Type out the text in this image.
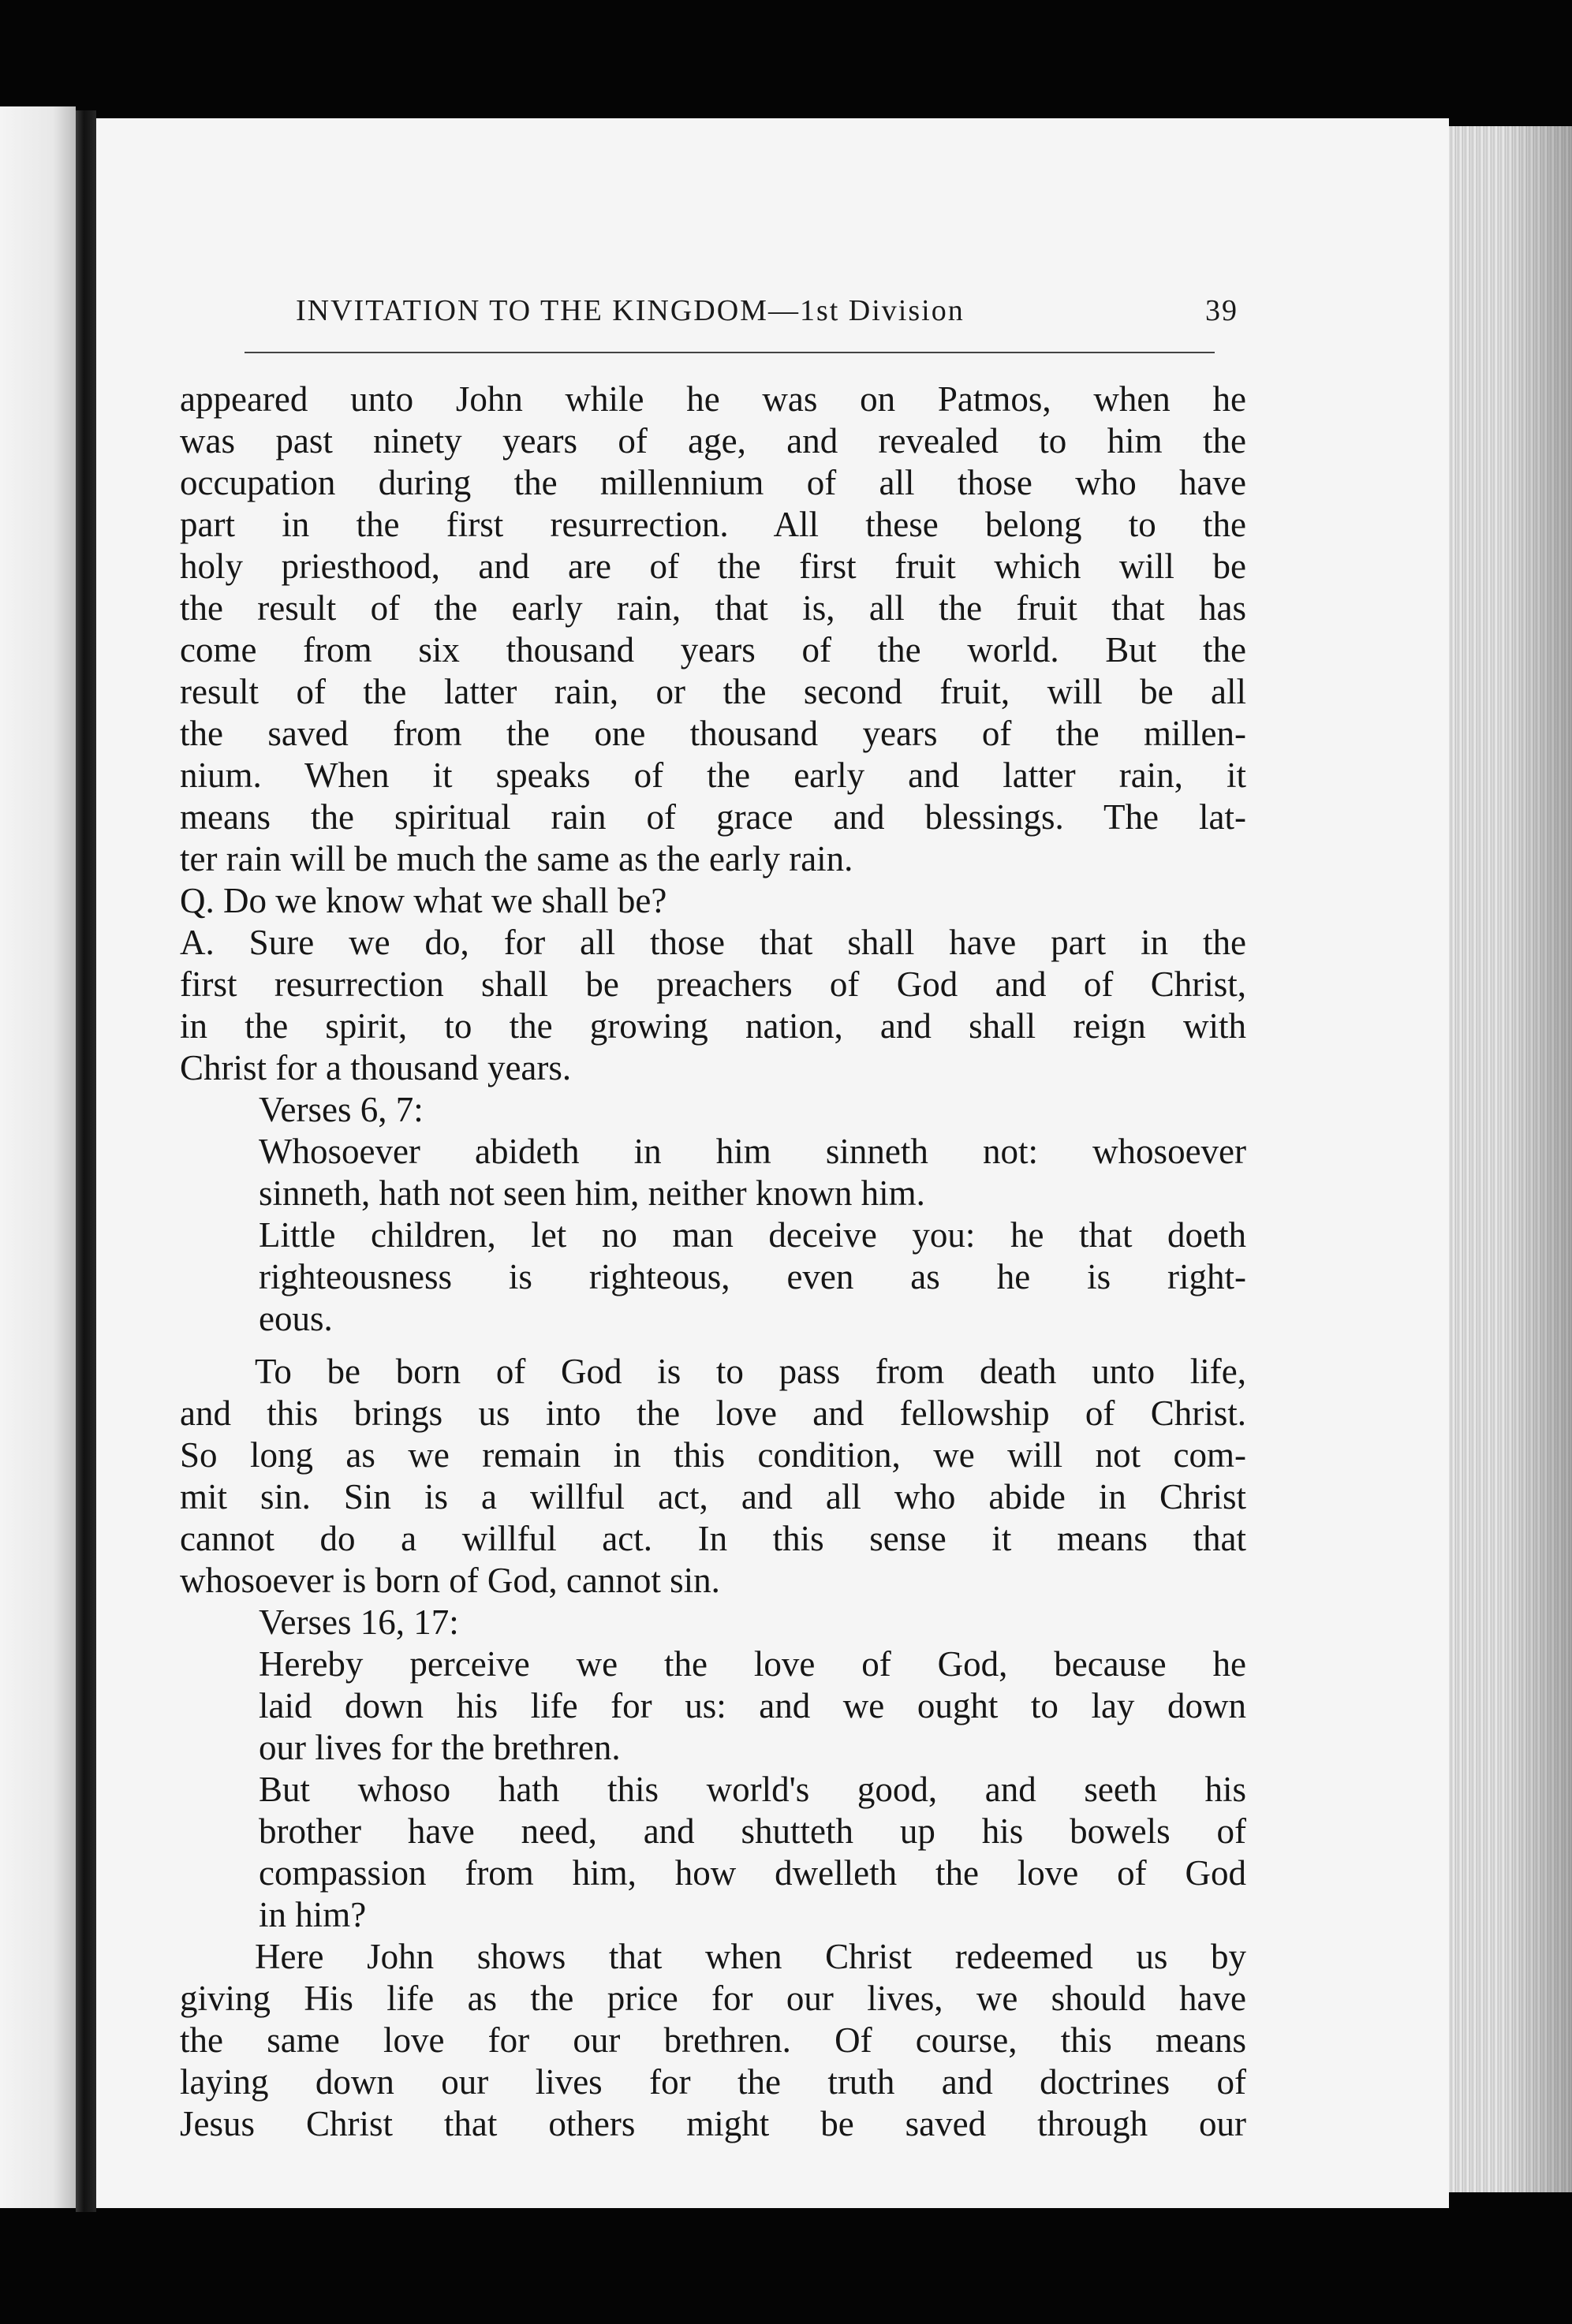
INVITATION TO THE KINGDOM—1st Division	39
appeared unto John while he was on Patmos, when he
was past ninety years of age, and revealed to him the
occupation during the millennium of all those who have
part in the first resurrection. All these belong to the
holy priesthood, and are of the first fruit which will be
the result of the early rain, that is, all the fruit that has
come from six thousand years of the world. But the
result of the latter rain, or the second fruit, will be all
the saved from the one thousand years of the millen-
nium. When it speaks of the early and latter rain, it
means the spiritual rain of grace and blessings. The lat-
ter rain will be much the same as the early rain.
Q. Do we know what we shall be?
A. Sure we do, for all those that shall have part in the
first resurrection shall be preachers of God and of Christ,
in the spirit, to the growing nation, and shall reign with
Christ for a thousand years.
Verses 6, 7:
Whosoever abideth in him sinneth not: whosoever
sinneth, hath not seen him, neither known him.
Little children, let no man deceive you: he that doeth
righteousness is righteous, even as he is right-
eous.
To be born of God is to pass from death unto life,
and this brings us into the love and fellowship of Christ.
So long as we remain in this condition, we will not com-
mit sin. Sin is a willful act, and all who abide in Christ
cannot do a willful act. In this sense it means that
whosoever is born of God, cannot sin.
Verses 16, 17:
Hereby perceive we the love of God, because he
laid down his life for us: and we ought to lay down
our lives for the brethren.
But whoso hath this world's good, and seeth his
brother have need, and shutteth up his bowels of
compassion from him, how dwelleth the love of God
in him?
Here John shows that when Christ redeemed us by
giving His life as the price for our lives, we should have
the same love for our brethren. Of course, this means
laying down our lives for the truth and doctrines of
Jesus Christ that others might be saved through our
